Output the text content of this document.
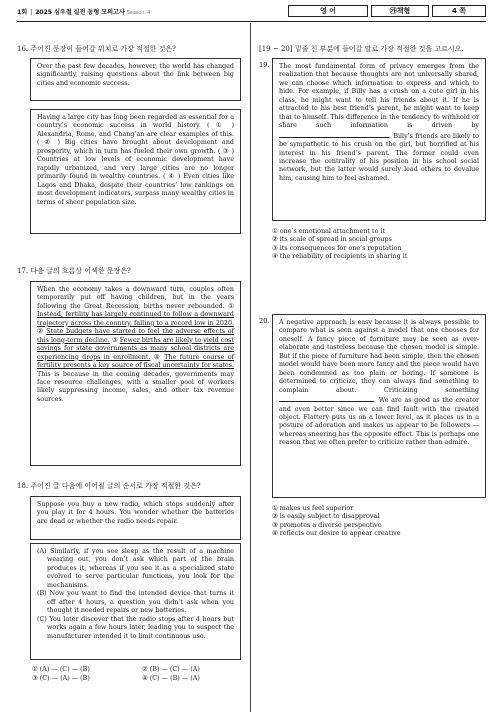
1회 | 2025 심우철 실전 동형 모의고사 Season. 4	영 어	㉮책형	4 쪽
16. 주어진 문장이 들어갈 위치로 가장 적절한 것은?
Over the past few decades, however, the world has changed significantly, raising questions about the link between big cities and economic success.
Having a large city has long been regarded as essential for a country’s economic success in world history. ( ① ) Alexandria, Rome, and Chang’an are clear examples of this. ( ② ) Big cities have brought about development and prosperity, which in turn has fueled their own growth. ( ③ ) Countries at low levels of economic development have rapidly urbanized, and very large cities are no longer primarily found in wealthy countries. ( ④ ) Even cities like Lagos and Dhaka, despite their countries’ low rankings on most development indicators, surpass many wealthy cities in terms of sheer population size.
17. 다음 글의 흐름상 어색한 문장은?

When the economy takes a downward turn, couples often temporarily put off having children, but in the years following the Great Recession, births never rebounded. ① Instead, fertility has largely continued to follow a downward trajectory across the country, falling to a record low in 2020. ② State budgets have started to feel the adverse effects of this long-term decline. ③ Fewer births are likely to yield cost savings for state governments as many school districts are experiencing drops in enrollment. ④ The future course of fertility presents a key source of fiscal uncertainty for states. This is because in the coming decades, governments may face resource challenges, with a smaller pool of workers likely suppressing income, sales, and other tax revenue sources.

18. 주어진 글 다음에 이어질 글의 순서로 가장 적절한 것은?
Suppose you buy a new radio, which stops suddenly after you play it for 4 hours. You wonder whether the batteries are dead or whether the radio needs repair.

(A) Similarly, if you see sleep as the result of a machine wearing out, you don’t ask which part of the brain produces it, whereas if you see it as a specialized state evolved to serve particular functions, you look for the mechanisms.

(B) Now you want to find the intended device that turns it off after 4 hours, a question you didn’t ask when you thought it needed repairs or new batteries.

(C) You later discover that the radio stops after 4 hours but works again a few hours later, leading you to suspect the manufacturer intended it to limit continuous use.

① (A) — (C) — (B)	② (B) — (C) — (A)
③ (C) — (A) — (B)	④ (C) — (B) — (A)
[19 ~ 20] 밑줄 친 부분에 들어갈 말로 가장 적절한 것을 고르시오.
19. The most fundamental form of privacy emerges from the realization that because thoughts are not universally shared, we can choose which information to express and which to hide. For example, if Billy has a crush on a cute girl in his class, he might want to tell his friends about it. If he is attracted to his best friend’s parent, he might want to keep that to himself. This difference in the tendency to withhold or share such information is driven by . Billy’s friends are likely to be sympathetic to his crush on the girl, but horrified at his interest in his friend’s parent. The former could even increase the centrality of his position in his school social network, but the latter would surely lead others to devalue him, causing him to feel ashamed.

① one’s emotional attachment to it
② its scale of spread in social groups
③ its consequences for one’s reputation
④ the reliability of recipients in sharing it
20. A negative approach is easy because it is always possible to compare what is seen against a model that one chooses for oneself. A fancy piece of furniture may be seen as over-elaborate and tasteless because the chosen model is simple. But if the piece of furniture had been simple, then the chosen model would have been more fancy and the piece would have been condemned as too plain or boring. If someone is determined to criticize, they can always find something to complain about. Criticizing something . We are as good as the creator and even better since we can find fault with the created object. Flattery puts us on a lower level, as it places us in a posture of adoration and makes us appear to be followers — whereas sneering has the opposite effect. This is perhaps one reason that we often prefer to criticize rather than admire.

① makes us feel superior
② is easily subject to disapproval
③ promotes a diverse perspective
④ reflects our desire to appear creative
